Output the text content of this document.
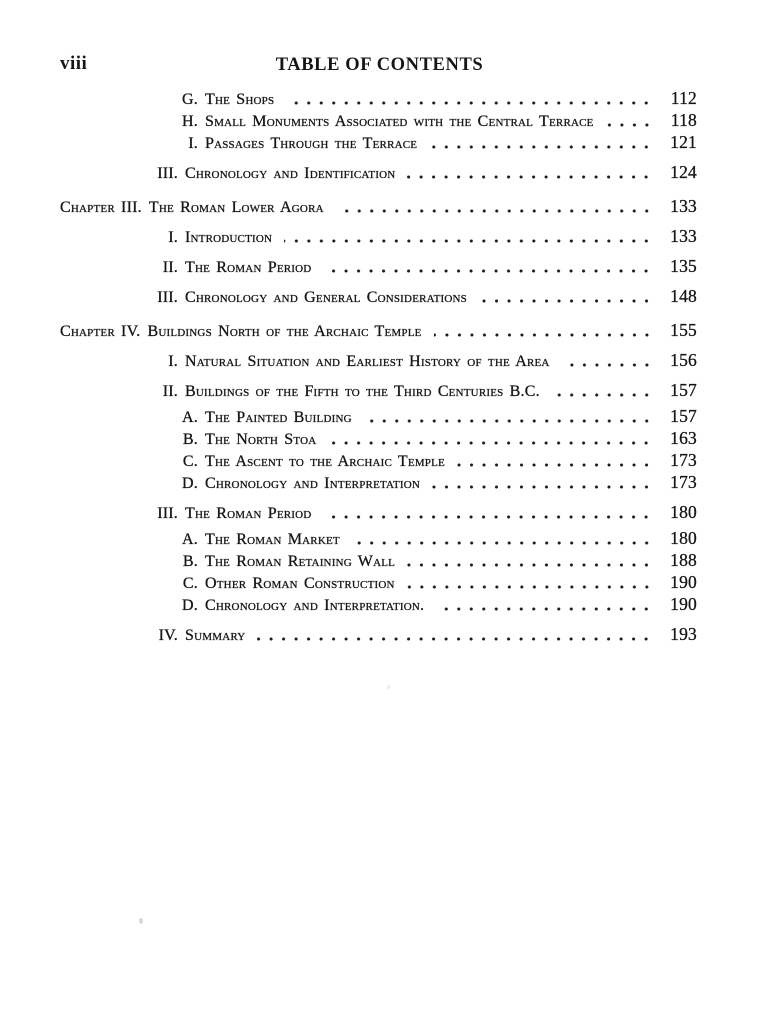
viii	TABLE OF CONTENTS
G. The Shops	112
H. Small Monuments Associated with the Central Terrace	118
I. Passages Through the Terrace	121
III. Chronology and Identification	124
Chapter III. The Roman Lower Agora	133
I. Introduction	133
II. The Roman Period	135
III. Chronology and General Considerations	148
Chapter IV. Buildings North of the Archaic Temple	155
I. Natural Situation and Earliest History of the Area	156
II. Buildings of the Fifth to the Third Centuries B.C.	157
A. The Painted Building	157
B. The North Stoa	163
C. The Ascent to the Archaic Temple	173
D. Chronology and Interpretation	173
III. The Roman Period	180
A. The Roman Market	180
B. The Roman Retaining Wall	188
C. Other Roman Construction	190
D. Chronology and Interpretation.	190
IV. Summary	193
